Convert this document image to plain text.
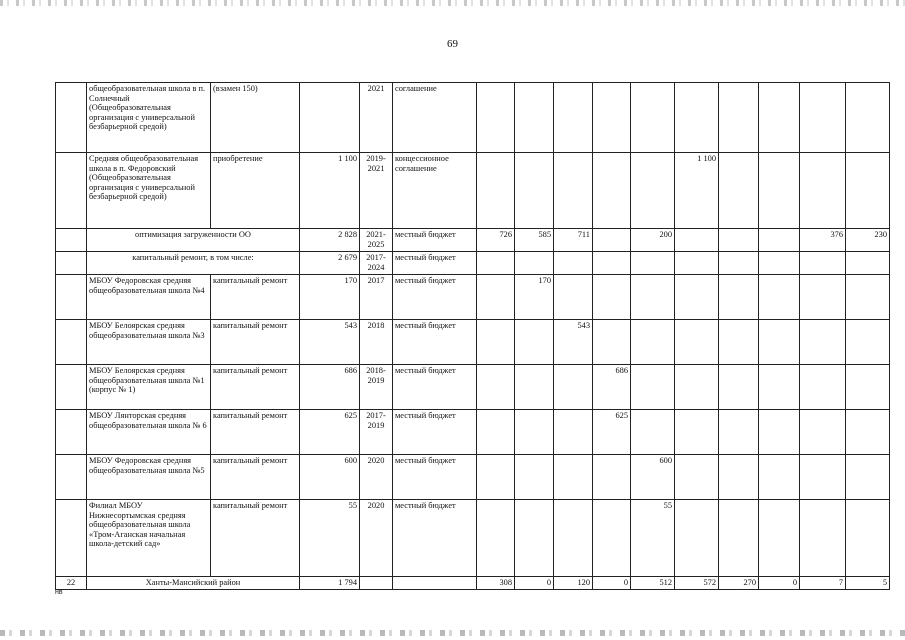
69
	общеобразовательная школа в п. Солнечный (Общеобразовательная организация с универсальной безбарьерной средой)	(взамен 150)		2021	соглашение										
	Средняя общеобразовательная школа в п. Федоровский (Общеобразовательная организация с универсальной безбарьерной средой)	приобретение	1 100	2019-2021	концессионное соглашение						1 100				
	оптимизация загруженности ОО		2 828	2021-2025	местный бюджет	726	585	711		200				376	230
	капитальный ремонт, в том числе:		2 679	2017-2024	местный бюджет										
	МБОУ Федоровская средняя общеобразовательная школа №4	капитальный ремонт	170	2017	местный бюджет		170								
	МБОУ Белоярская средняя общеобразовательная школа №3	капитальный ремонт	543	2018	местный бюджет			543							
	МБОУ Белоярская средняя общеобразовательная школа №1 (корпус № 1)	капитальный ремонт	686	2018-2019	местный бюджет				686						
	МБОУ Лянторская средняя общеобразовательная школа № 6	капитальный ремонт	625	2017-2019	местный бюджет				625						
	МБОУ Федоровская средняя общеобразовательная школа №5	капитальный ремонт	600	2020	местный бюджет					600					
	Филиал МБОУ Нижнесортымская средняя общеобразовательная школа «Тром-Аганская начальная школа-детский сад»	капитальный ремонт	55	2020	местный бюджет					55					
22	Ханты-Мансийский район		1 794			308	0	120	0	512	572	270	0	7	5
нв
